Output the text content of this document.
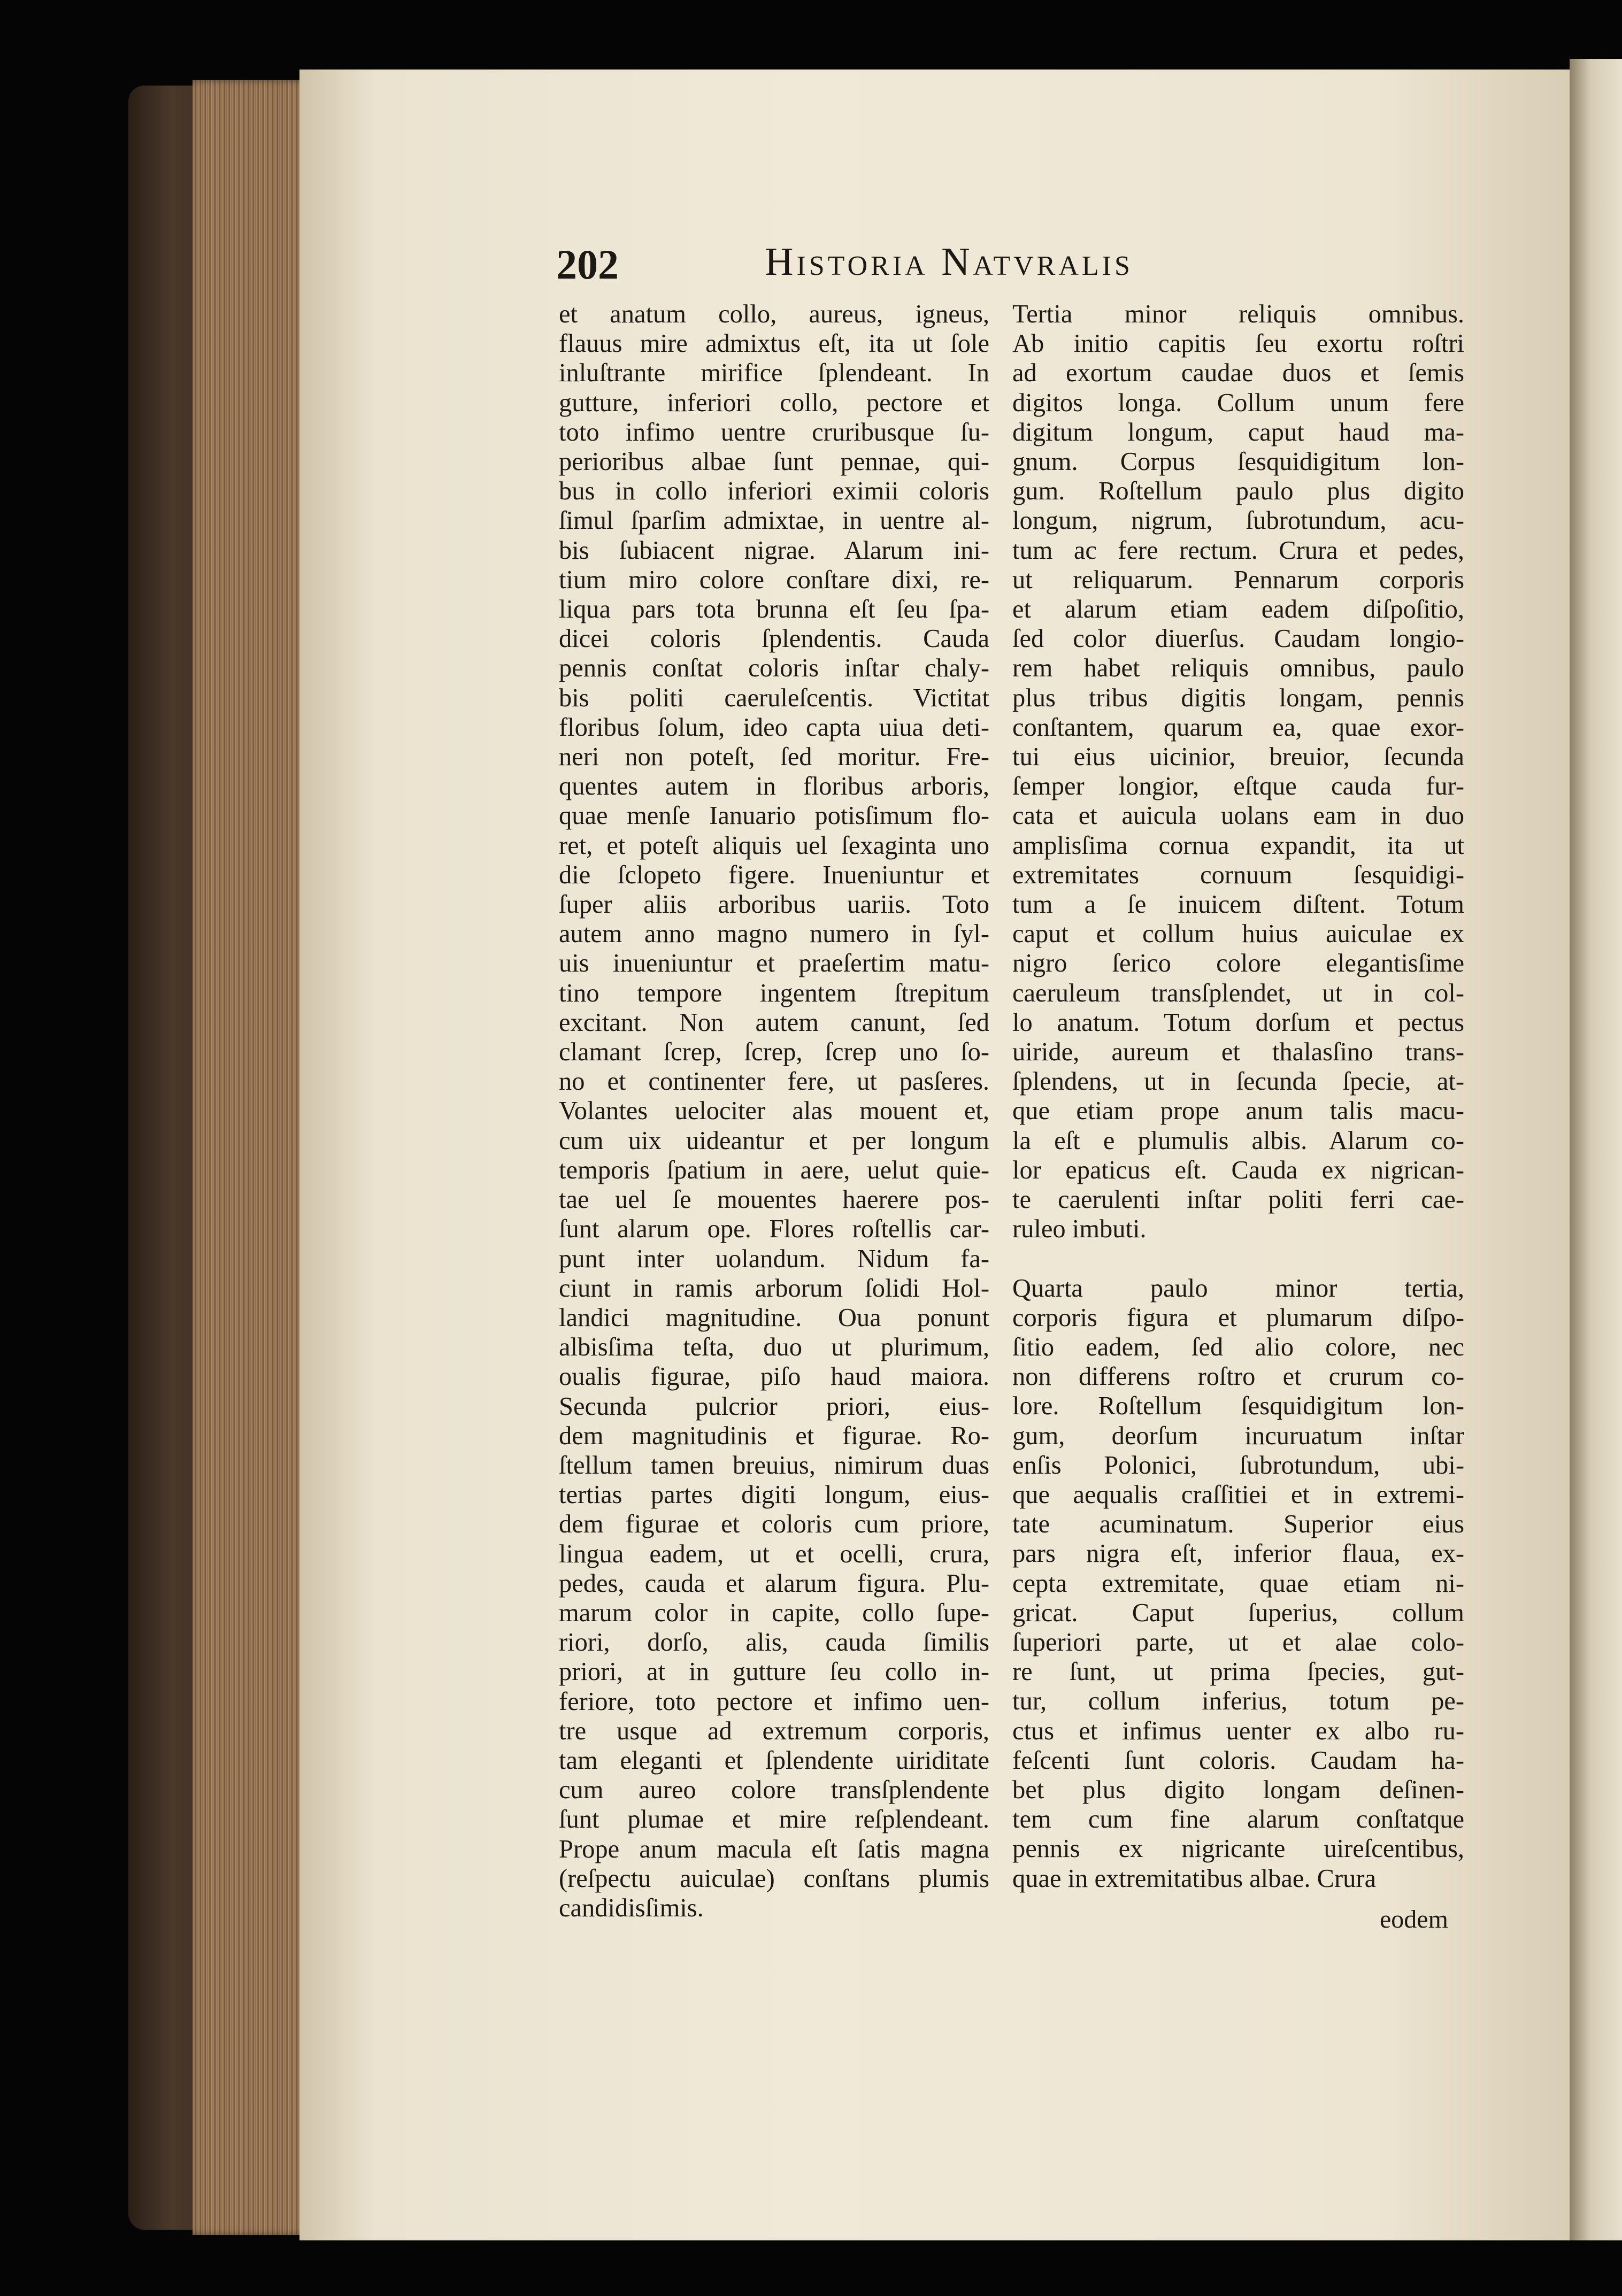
202	Historia Natvralis
et anatum collo, aureus, igneus,
flauus mire admixtus eſt, ita ut ſole
inluſtrante mirifice ſplendeant. In
gutture, inferiori collo, pectore et
toto infimo uentre cruribusque ſu-
perioribus albae ſunt pennae, qui-
bus in collo inferiori eximii coloris
ſimul ſparſim admixtae, in uentre al-
bis ſubiacent nigrae. Alarum ini-
tium miro colore conſtare dixi, re-
liqua pars tota brunna eſt ſeu ſpa-
dicei coloris ſplendentis. Cauda
pennis conſtat coloris inſtar chaly-
bis politi caeruleſcentis. Victitat
floribus ſolum, ideo capta uiua deti-
neri non poteſt, ſed moritur. Fre-
quentes autem in floribus arboris,
quae menſe Ianuario potisſimum flo-
ret, et poteſt aliquis uel ſexaginta uno
die ſclopeto figere. Inueniuntur et
ſuper aliis arboribus uariis. Toto
autem anno magno numero in ſyl-
uis inueniuntur et praeſertim matu-
tino tempore ingentem ſtrepitum
excitant. Non autem canunt, ſed
clamant ſcrep, ſcrep, ſcrep uno ſo-
no et continenter fere, ut pasſeres.
Volantes uelociter alas mouent et,
cum uix uideantur et per longum
temporis ſpatium in aere, uelut quie-
tae uel ſe mouentes haerere pos-
ſunt alarum ope. Flores roſtellis car-
punt inter uolandum. Nidum fa-
ciunt in ramis arborum ſolidi Hol-
landici magnitudine. Oua ponunt
albisſima teſta, duo ut plurimum,
oualis figurae, piſo haud maiora.
Secunda pulcrior priori, eius-
dem magnitudinis et figurae. Ro-
ſtellum tamen breuius, nimirum duas
tertias partes digiti longum, eius-
dem figurae et coloris cum priore,
lingua eadem, ut et ocelli, crura,
pedes, cauda et alarum figura. Plu-
marum color in capite, collo ſupe-
riori, dorſo, alis, cauda ſimilis
priori, at in gutture ſeu collo in-
feriore, toto pectore et infimo uen-
tre usque ad extremum corporis,
tam eleganti et ſplendente uiriditate
cum aureo colore transſplendente
ſunt plumae et mire reſplendeant.
Prope anum macula eſt ſatis magna
(reſpectu auiculae) conſtans plumis
candidisſimis.
Tertia minor reliquis omnibus.
Ab initio capitis ſeu exortu roſtri
ad exortum caudae duos et ſemis
digitos longa. Collum unum fere
digitum longum, caput haud ma-
gnum. Corpus ſesquidigitum lon-
gum. Roſtellum paulo plus digito
longum, nigrum, ſubrotundum, acu-
tum ac fere rectum. Crura et pedes,
ut reliquarum. Pennarum corporis
et alarum etiam eadem diſpoſitio,
ſed color diuerſus. Caudam longio-
rem habet reliquis omnibus, paulo
plus tribus digitis longam, pennis
conſtantem, quarum ea, quae exor-
tui eius uicinior, breuior, ſecunda
ſemper longior, eſtque cauda fur-
cata et auicula uolans eam in duo
amplisſima cornua expandit, ita ut
extremitates cornuum ſesquidigi-
tum a ſe inuicem diſtent. Totum
caput et collum huius auiculae ex
nigro ſerico colore elegantisſime
caeruleum transſplendet, ut in col-
lo anatum. Totum dorſum et pectus
uiride, aureum et thalasſino trans-
ſplendens, ut in ſecunda ſpecie, at-
que etiam prope anum talis macu-
la eſt e plumulis albis. Alarum co-
lor epaticus eſt. Cauda ex nigrican-
te caerulenti inſtar politi ferri cae-
ruleo imbuti.
Quarta paulo minor tertia,
corporis figura et plumarum diſpo-
ſitio eadem, ſed alio colore, nec
non differens roſtro et crurum co-
lore. Roſtellum ſesquidigitum lon-
gum, deorſum incuruatum inſtar
enſis Polonici, ſubrotundum, ubi-
que aequalis craſſitiei et in extremi-
tate acuminatum. Superior eius
pars nigra eſt, inferior flaua, ex-
cepta extremitate, quae etiam ni-
gricat. Caput ſuperius, collum
ſuperiori parte, ut et alae colo-
re ſunt, ut prima ſpecies, gut-
tur, collum inferius, totum pe-
ctus et infimus uenter ex albo ru-
feſcenti ſunt coloris. Caudam ha-
bet plus digito longam deſinen-
tem cum fine alarum conſtatque
pennis ex nigricante uireſcentibus,
quae in extremitatibus albae. Crura
eodem
